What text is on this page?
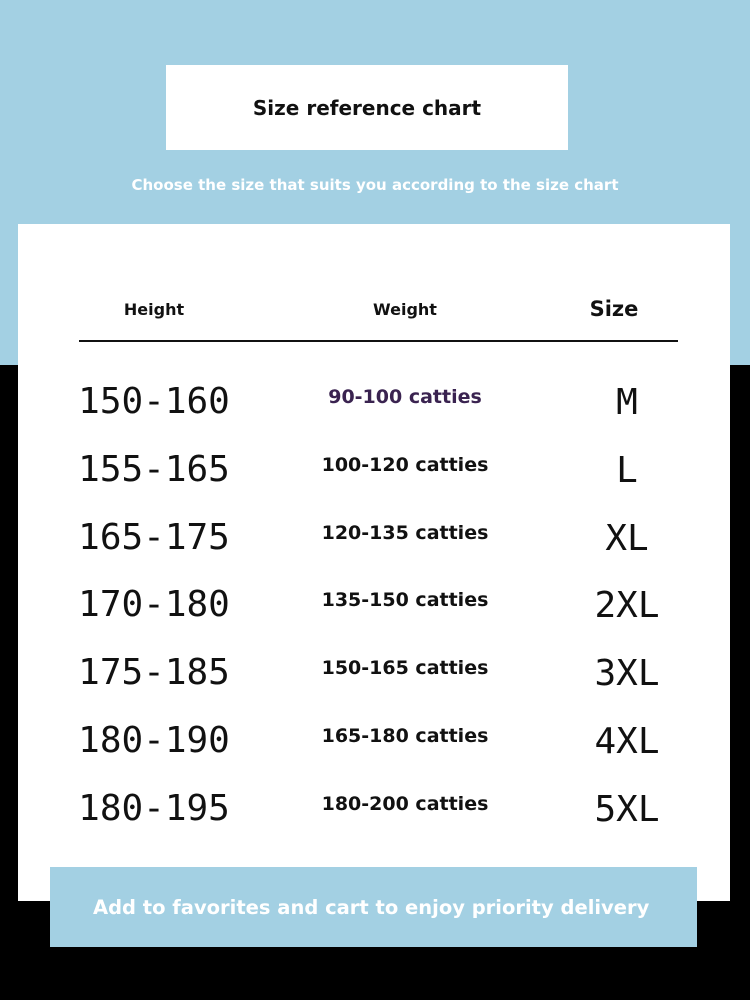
Size reference chart
Choose the size that suits you according to the size chart
Height	Weight	Size
150-160	90-100 catties	M
155-165	100-120 catties	L
165-175	120-135 catties	XL
170-180	135-150 catties	2XL
175-185	150-165 catties	3XL
180-190	165-180 catties	4XL
180-195	180-200 catties	5XL
Add to favorites and cart to enjoy priority delivery
